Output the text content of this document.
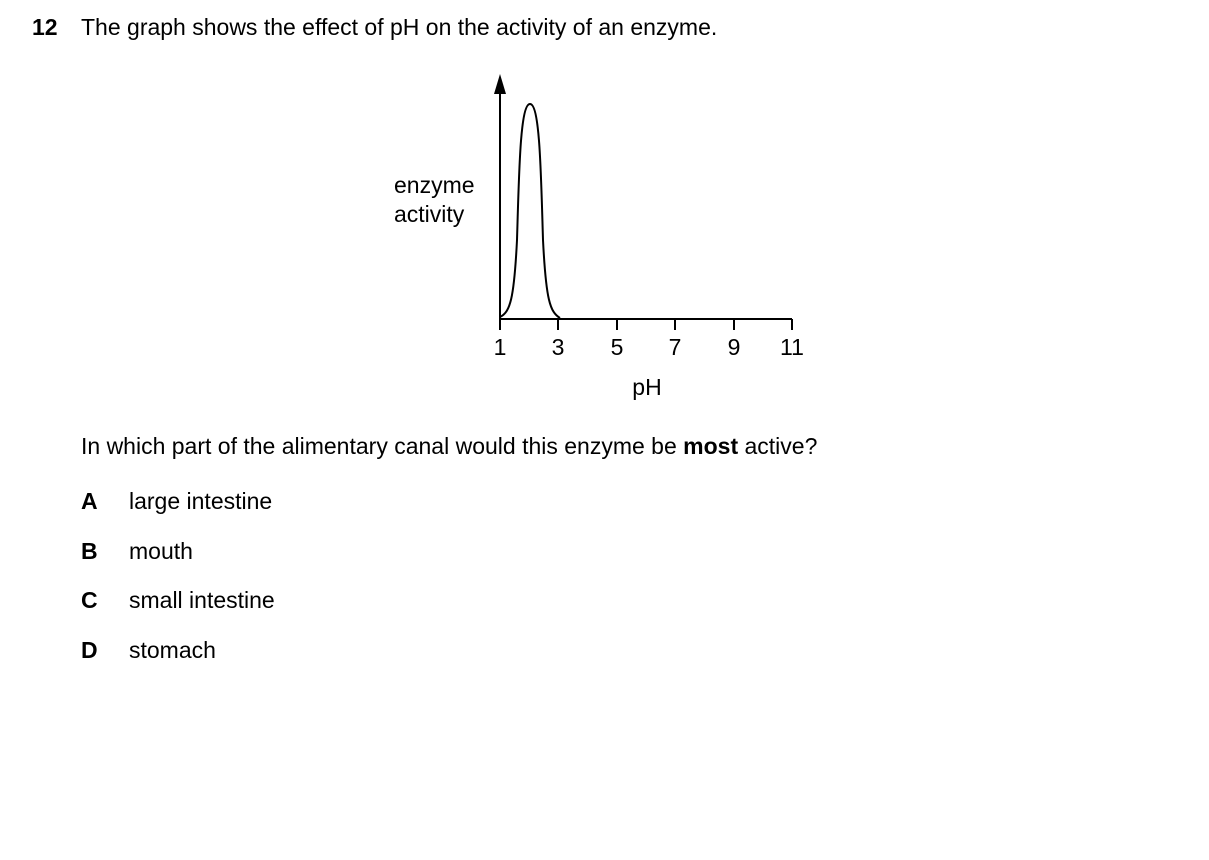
12 The graph shows the effect of pH on the activity of an enzyme.
enzyme
activity
1	3	5	7	9	11
pH
In which part of the alimentary canal would this enzyme be most active?
A large intestine
B mouth
C small intestine
D stomach
